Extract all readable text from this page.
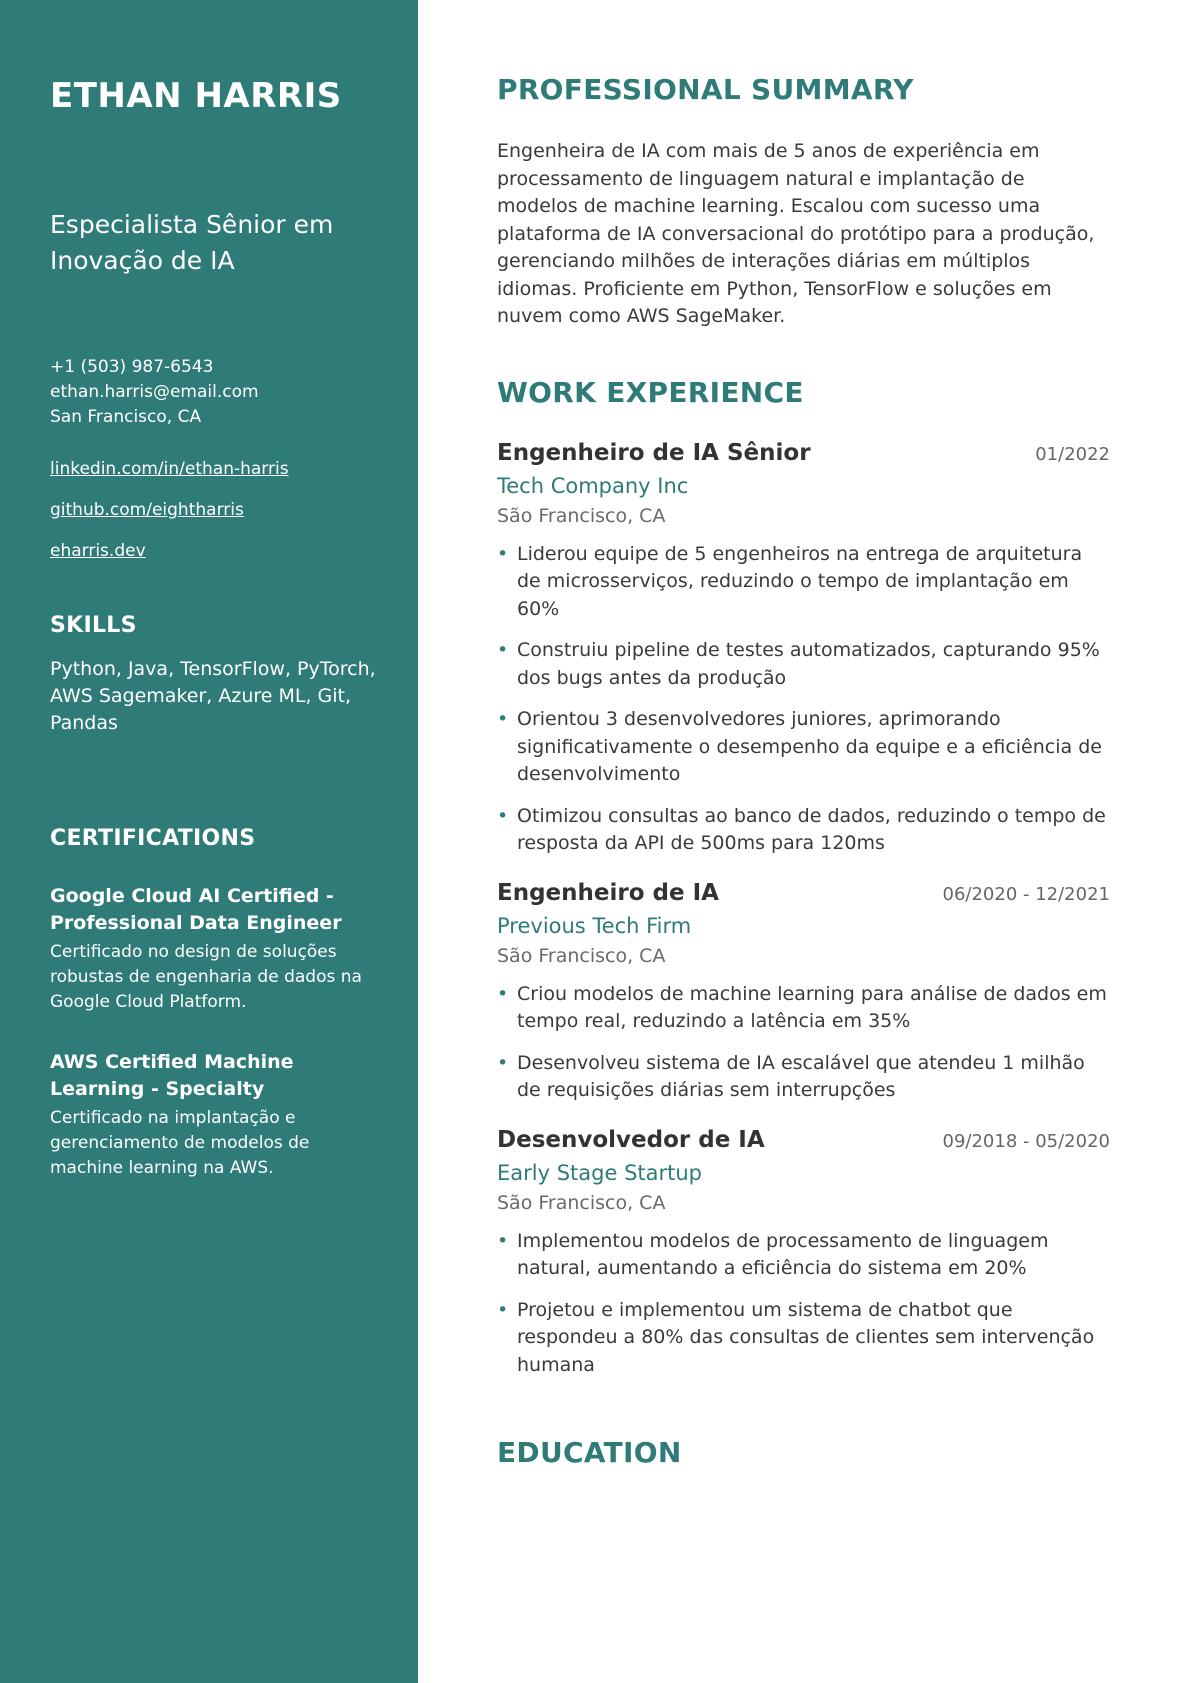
ETHAN HARRIS
Especialista Sênior em Inovação de IA
+1 (503) 987-6543
ethan.harris@email.com
San Francisco, CA
linkedin.com/in/ethan-harris
github.com/eightharris
eharris.dev
SKILLS

Python, Java, TensorFlow, PyTorch, AWS Sagemaker, Azure ML, Git, Pandas

CERTIFICATIONS
Google Cloud AI Certified - Professional Data Engineer
Certificado no design de soluções robustas de engenharia de dados na Google Cloud Platform.
AWS Certified Machine Learning - Specialty
Certificado na implantação e gerenciamento de modelos de machine learning na AWS.
PROFESSIONAL SUMMARY

Engenheira de IA com mais de 5 anos de experiência em processamento de linguagem natural e implantação de modelos de machine learning. Escalou com sucesso uma plataforma de IA conversacional do protótipo para a produção, gerenciando milhões de interações diárias em múltiplos idiomas. Proficiente em Python, TensorFlow e soluções em nuvem como AWS SageMaker.

WORK EXPERIENCE
Engenheiro de IA Sênior	01/2022
Tech Company Inc
São Francisco, CA
• Liderou equipe de 5 engenheiros na entrega de arquitetura de microsserviços, reduzindo o tempo de implantação em 60%
• Construiu pipeline de testes automatizados, capturando 95% dos bugs antes da produção
• Orientou 3 desenvolvedores juniores, aprimorando significativamente o desempenho da equipe e a eficiência de desenvolvimento
• Otimizou consultas ao banco de dados, reduzindo o tempo de resposta da API de 500ms para 120ms
Engenheiro de IA	06/2020 - 12/2021
Previous Tech Firm
São Francisco, CA
• Criou modelos de machine learning para análise de dados em tempo real, reduzindo a latência em 35%
• Desenvolveu sistema de IA escalável que atendeu 1 milhão de requisições diárias sem interrupções
Desenvolvedor de IA	09/2018 - 05/2020
Early Stage Startup
São Francisco, CA
• Implementou modelos de processamento de linguagem natural, aumentando a eficiência do sistema em 20%
• Projetou e implementou um sistema de chatbot que respondeu a 80% das consultas de clientes sem intervenção humana
EDUCATION
